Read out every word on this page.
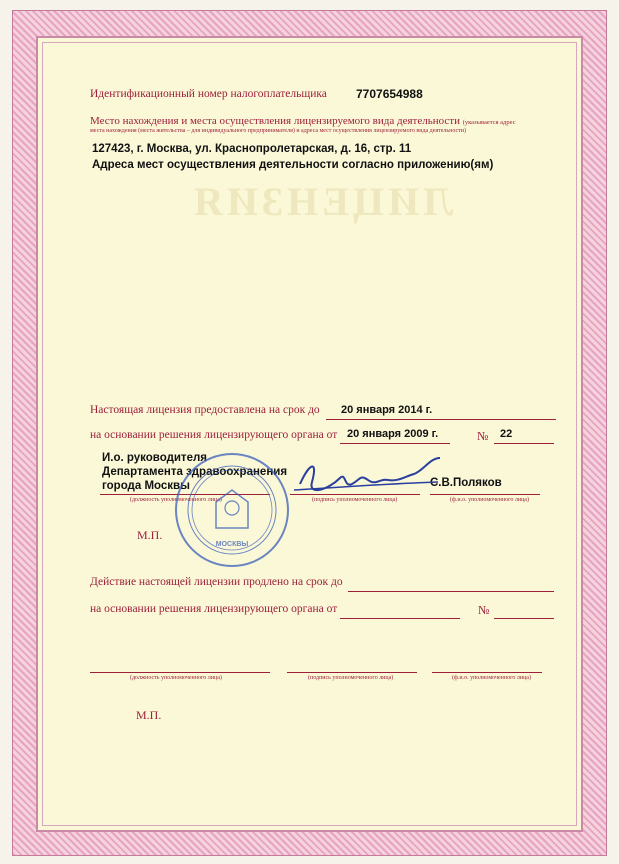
ЛИЦЕНЗИЯ
Идентификационный номер налогоплательщика 7707654988
Место нахождения и места осуществления лицензируемого вида деятельности (указывается адрес
места нахождения (места жительства – для индивидуального предпринимателя) и адреса мест осуществления лицензируемого вида деятельности)
127423, г. Москва, ул. Краснопролетарская, д. 16, стр. 11
Адреса мест осуществления деятельности согласно приложению(ям)
Настоящая лицензия предоставлена на срок до 20 января 2014 г.
на основании решения лицензирующего органа от 20 января 2009 г.	№ 22
И.о. руководителя
Департамента здравоохранения
города Москвы	С.В.Поляков
(должность уполномоченного лица)	(подпись уполномоченного лица)	(ф.и.о. уполномоченного лица)
МОСКВЫ
М.П.
Действие настоящей лицензии продлено на срок до
на основании решения лицензирующего органа от	№
(должность уполномоченного лица)	(подпись уполномоченного лица)	(ф.и.о. уполномоченного лица)
М.П.
